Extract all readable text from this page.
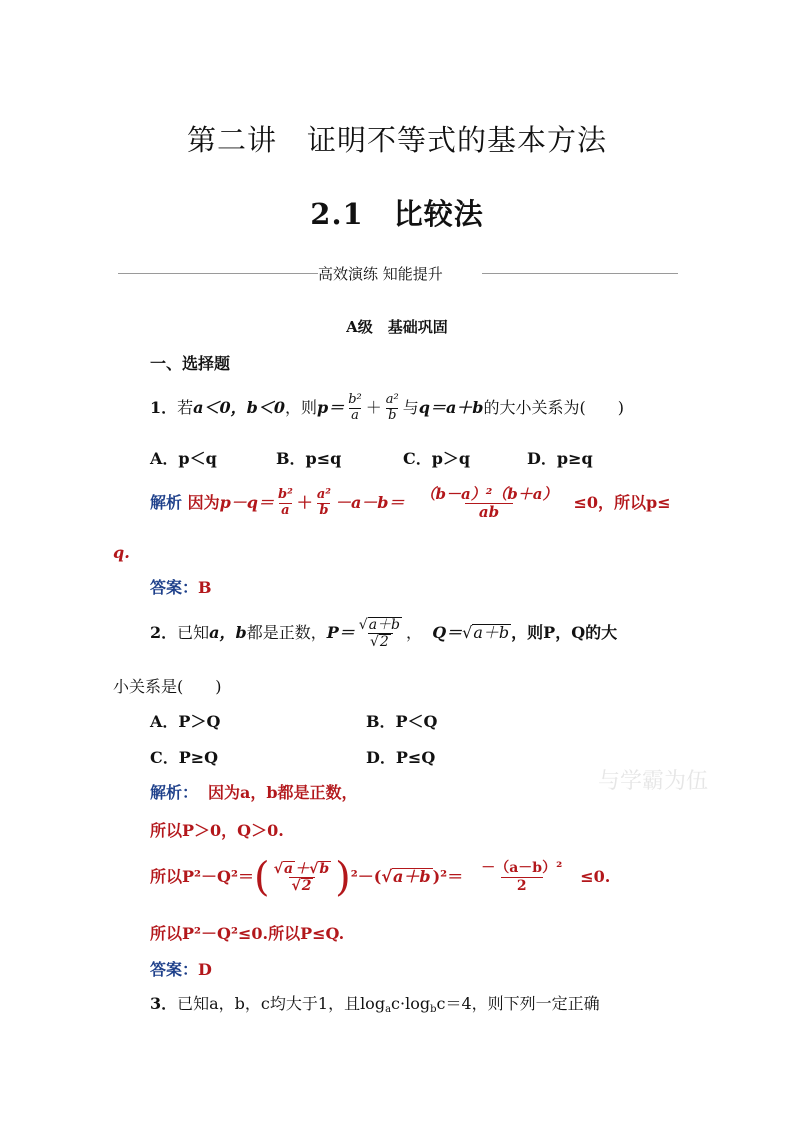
第二讲　证明不等式的基本方法
2.1　比较法
高效演练 知能提升
A级　基础巩固
一、选择题
1．若a＜0，b＜0，则$p= \frac{\text{b²}}{a} + \frac{\text{a²}}{b}$ 与q＝a＋b的大小关系为(　　)
A．p＜q	B．p≤q	C．p＞q	D．p≥q
解析 因为$p-q= \frac{\text{b²}}{a} + \frac{\text{a²}}{b} -a-b= \frac{\text{（b－a）²（b＋a）}}{ab} \le 0$，所以p≤
q.
答案：B
2．已知a，b都是正数，$P= \frac{√a+b}{√2}$ ，  Q＝√a＋b ，则P，Q的大
小关系是(　　)
A．P＞Q	B．P＜Q
C．P≥Q	D．P≤Q
解析： 因为a，b都是正数，
所以P＞0，Q＞0.
所以$P^2-Q^2=( \frac{√a +√b}{√2} )^2-(√a+b$ )$^2= \frac{\text{－（a－b）²}}{2} \le 0$.
所以P²－Q²≤0.所以P≤Q.
答案：D
3．已知a，b，c均大于1，且$\log_ac\cdot\log_bc=4$，则下列一定正确
与学霸为伍
